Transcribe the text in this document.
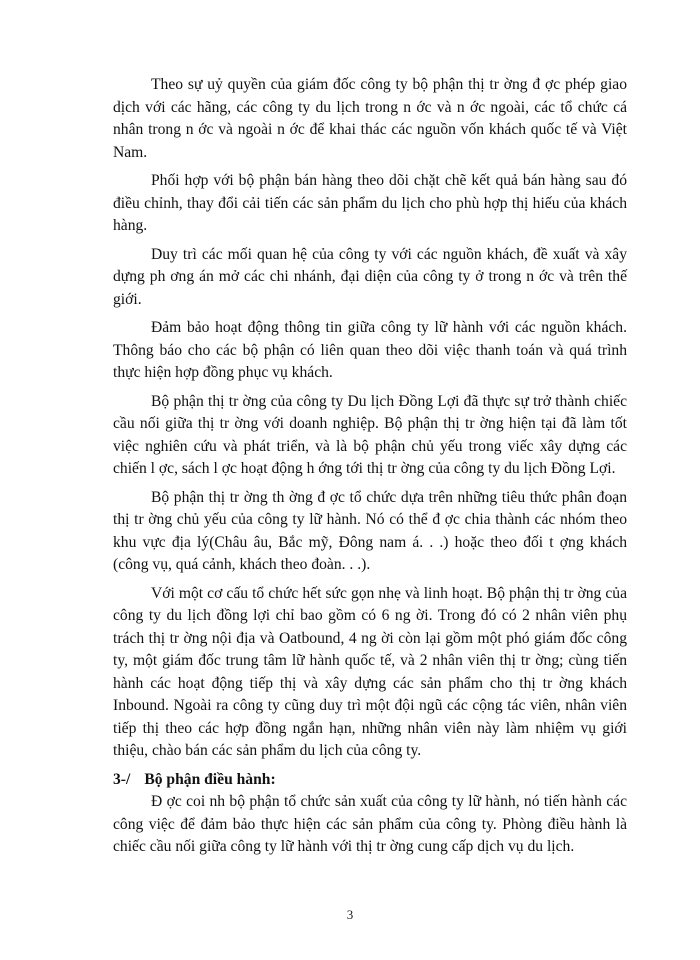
Theo sự uỷ quyền của giám đốc công ty bộ phận thị tr ờng đ ợc phép giao dịch với các hãng, các công ty du lịch trong n ớc và n ớc ngoài, các tổ chức cá nhân trong n ớc và ngoài n ớc để khai thác các nguồn vốn khách quốc tế và Việt Nam.

Phối hợp với bộ phận bán hàng theo dõi chặt chẽ kết quả bán hàng sau đó điều chỉnh, thay đổi cải tiến các sản phẩm du lịch cho phù hợp thị hiếu của khách hàng.

Duy trì các mối quan hệ của công ty với các nguồn khách, đề xuất và xây dựng ph ơng án mở các chi nhánh, đại diện của công ty ở trong n ớc và trên thế giới.

Đảm bảo hoạt động thông tin giữa công ty lữ hành với các nguồn khách. Thông báo cho các bộ phận có liên quan theo dõi việc thanh toán và quá trình thực hiện hợp đồng phục vụ khách.

Bộ phận thị tr ờng của công ty Du lịch Đồng Lợi đã thực sự trở thành chiếc cầu nối giữa thị tr ờng với doanh nghiệp. Bộ phận thị tr ờng hiện tại đã làm tốt việc nghiên cứu và phát triển, và là bộ phận chủ yếu trong viếc xây dựng các chiến l ợc, sách l ợc hoạt động h ớng tới thị tr ờng của công ty du lịch Đồng Lợi.

Bộ phận thị tr ờng th ờng đ ợc tổ chức dựa trên những tiêu thức phân đoạn thị tr ờng chủ yếu của công ty lữ hành. Nó có thể đ ợc chia thành các nhóm theo khu vực địa lý(Châu âu, Bắc mỹ, Đông nam á. . .) hoặc theo đối t ợng khách (công vụ, quá cảnh, khách theo đoàn. . .).

Với một cơ cấu tổ chức hết sức gọn nhẹ và linh hoạt. Bộ phận thị tr ờng của công ty du lịch đồng lợi chỉ bao gồm có 6 ng ời. Trong đó có 2 nhân viên phụ trách thị tr ờng nội địa và Oatbound, 4 ng ời còn lại gồm một phó giám đốc công ty, một giám đốc trung tâm lữ hành quốc tế, và 2 nhân viên thị tr ờng; cùng tiến hành các hoạt động tiếp thị và xây dựng các sản phẩm cho thị tr ờng khách Inbound. Ngoài ra công ty cũng duy trì một đội ngũ các cộng tác viên, nhân viên tiếp thị theo các hợp đồng ngắn hạn, những nhân viên này làm nhiệm vụ giới thiệu, chào bán các sản phẩm du lịch của công ty.

3-/ Bộ phận điều hành:

Đ ợc coi nh bộ phận tổ chức sản xuất của công ty lữ hành, nó tiến hành các công việc để đảm bảo thực hiện các sản phẩm của công ty. Phòng điều hành là chiếc cầu nối giữa công ty lữ hành với thị tr ờng cung cấp dịch vụ du lịch.

3
